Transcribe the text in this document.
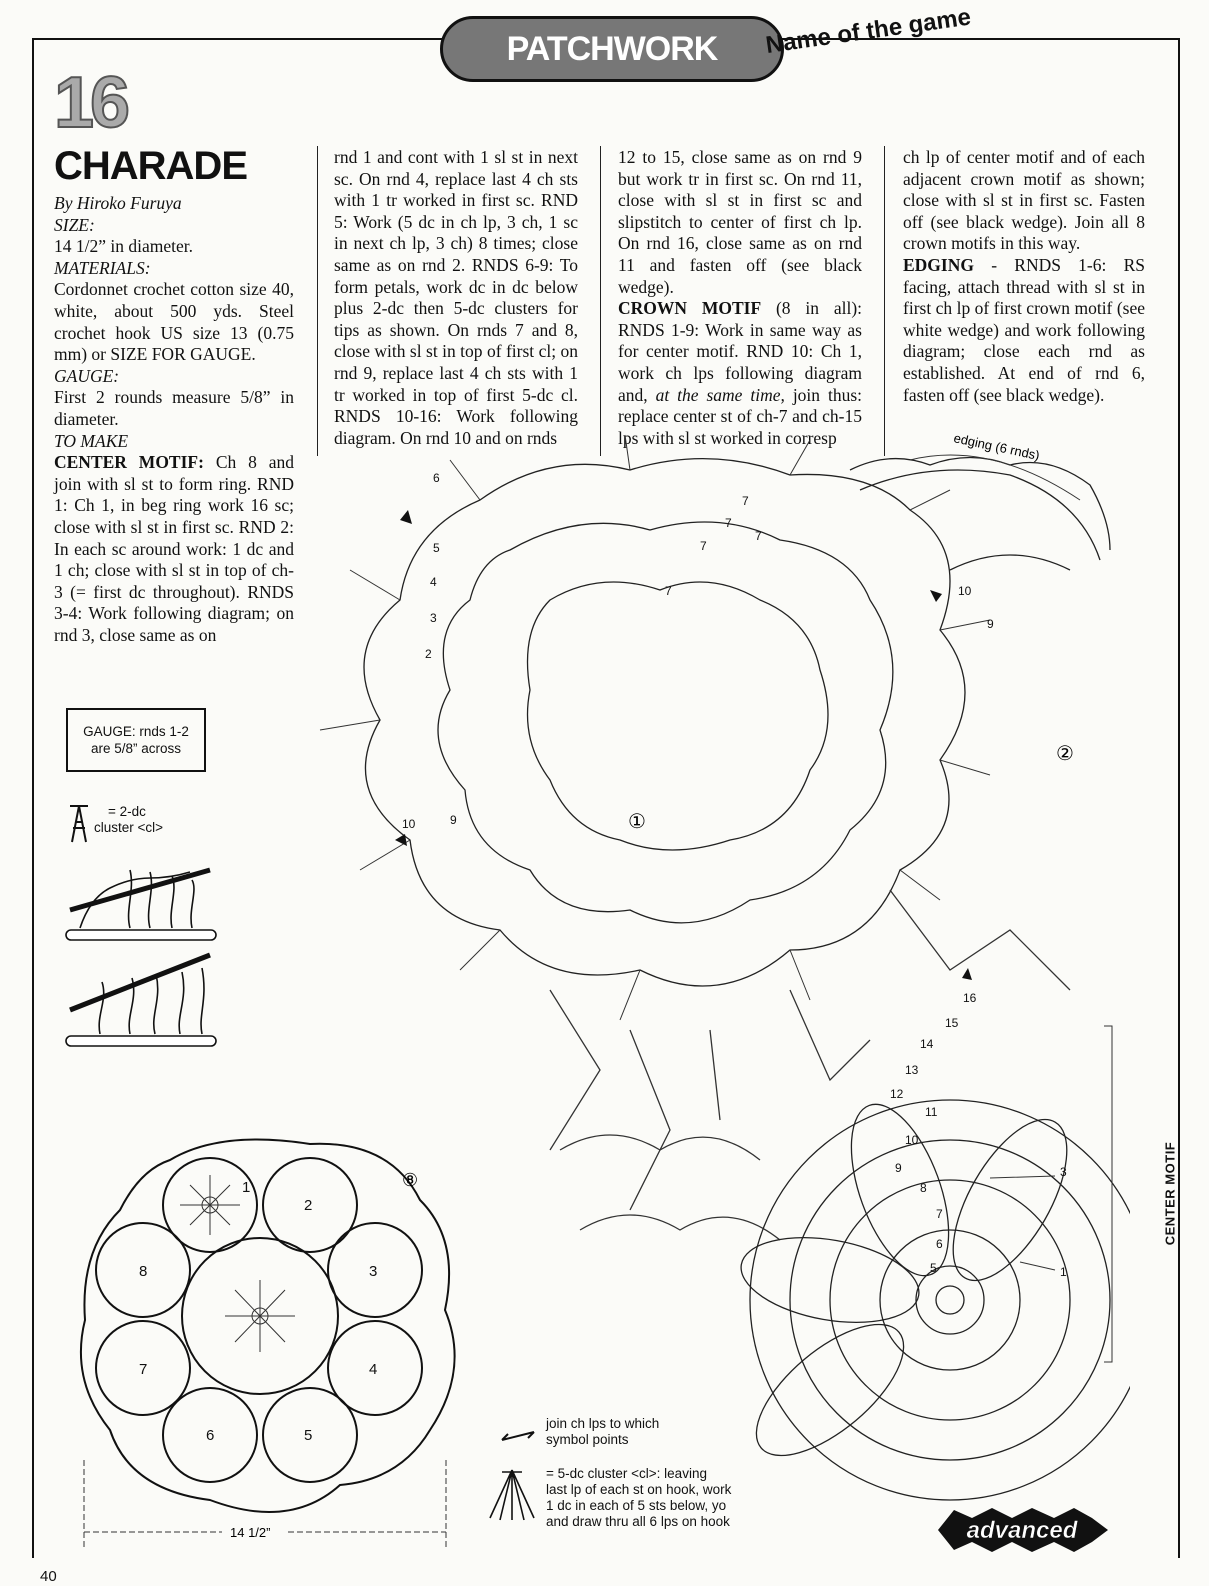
PATCHWORK Name of the game
16
CHARADE

By Hiroko Furuya

SIZE:

14 1/2” in diameter.

MATERIALS:

Cordonnet crochet cotton size 40, white, about 500 yds. Steel crochet hook US size 13 (0.75 mm) or SIZE FOR GAUGE.

GAUGE:

First 2 rounds measure 5/8” in diameter.

TO MAKE

CENTER MOTIF: Ch 8 and join with sl st to form ring. RND 1: Ch 1, in beg ring work 16 sc; close with sl st in first sc. RND 2: In each sc around work: 1 dc and 1 ch; close with sl st in top of ch-3 (= first dc throughout). RNDS 3-4: Work following diagram; on rnd 3, close same as on

rnd 1 and cont with 1 sl st in next sc. On rnd 4, replace last 4 ch sts with 1 tr worked in first sc. RND 5: Work (5 dc in ch lp, 3 ch, 1 sc in next ch lp, 3 ch) 8 times; close same as on rnd 2. RNDS 6-9: To form petals, work dc in dc below plus 2-dc then 5-dc clusters for tips as shown. On rnds 7 and 8, close with sl st in top of first cl; on rnd 9, replace last 4 ch sts with 1 tr worked in top of first 5-dc cl. RNDS 10-16: Work following diagram. On rnd 10 and on rnds

12 to 15, close same as on rnd 9 but work tr in first sc. On rnd 11, close with sl st in first sc and slipstitch to center of first ch lp. On rnd 16, close same as on rnd 11 and fasten off (see black wedge).

CROWN MOTIF (8 in all): RNDS 1-9: Work in same way as for center motif. RND 10: Ch 1, work ch lps following diagram and, at the same time, join thus: replace center st of ch-7 and ch-15 lps with sl st worked in corresp

ch lp of center motif and of each adjacent crown motif as shown; close with sl st in first sc. Fasten off (see black wedge). Join all 8 crown motifs in this way.

EDGING - RNDS 1-6: RS facing, attach thread with sl st in first ch lp of first crown motif (see white wedge) and work following diagram; close each rnd as established. At end of rnd 6, fasten off (see black wedge).

GAUGE: rnds 1-2
are 5/8” across
= 2-dc
cluster <cl>	①
②
2
3
4
5
6
7
7
7
7
7
9
10
9
10
1
3
5
6
7
8
9
10
11
12
13
14
15
16
edging (6 rnds)
CENTER MOTIF
1
2
3
4
5
6
7
8
⑧
14 1/2”
join ch lps to which
symbol points
= 5-dc cluster <cl>: leaving
last lp of each st on hook, work
1 dc in each of 5 sts below, yo
and draw thru all 6 lps on hook	advanced
40
